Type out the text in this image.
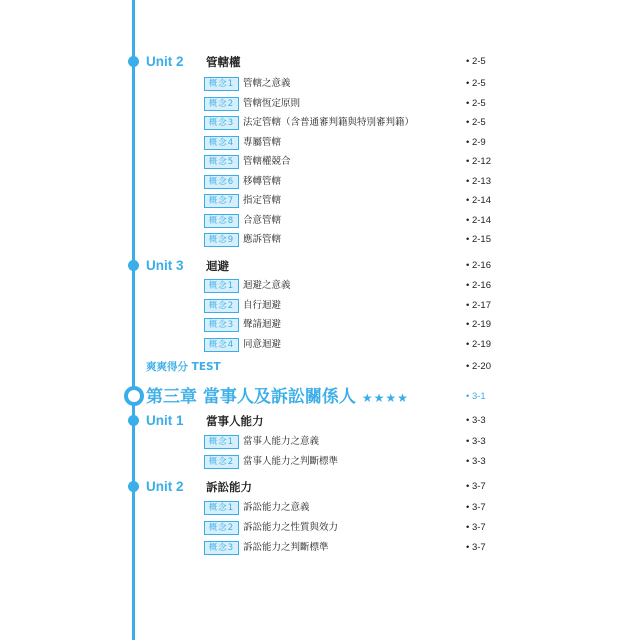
Unit 2 管轄權	• 2-5
概念1 管轄之意義	• 2-5
概念2 管轄恆定原則	• 2-5
概念3 法定管轄（含普通審判籍與特別審判籍）	• 2-5
概念4 專屬管轄	• 2-9
概念5 管轄權競合	• 2-12
概念6 移轉管轄	• 2-13
概念7 指定管轄	• 2-14
概念8 合意管轄	• 2-14
概念9 應訴管轄	• 2-15
Unit 3 迴避	• 2-16
概念1 迴避之意義	• 2-16
概念2 自行迴避	• 2-17
概念3 聲請迴避	• 2-19
概念4 同意迴避	• 2-19
爽爽得分 TEST	• 2-20
第三章 當事人及訴訟關係人 ★★★★	• 3-1
Unit 1 當事人能力	• 3-3
概念1 當事人能力之意義	• 3-3
概念2 當事人能力之判斷標準	• 3-3
Unit 2 訴訟能力	• 3-7
概念1 訴訟能力之意義	• 3-7
概念2 訴訟能力之性質與效力	• 3-7
概念3 訴訟能力之判斷標準	• 3-7
